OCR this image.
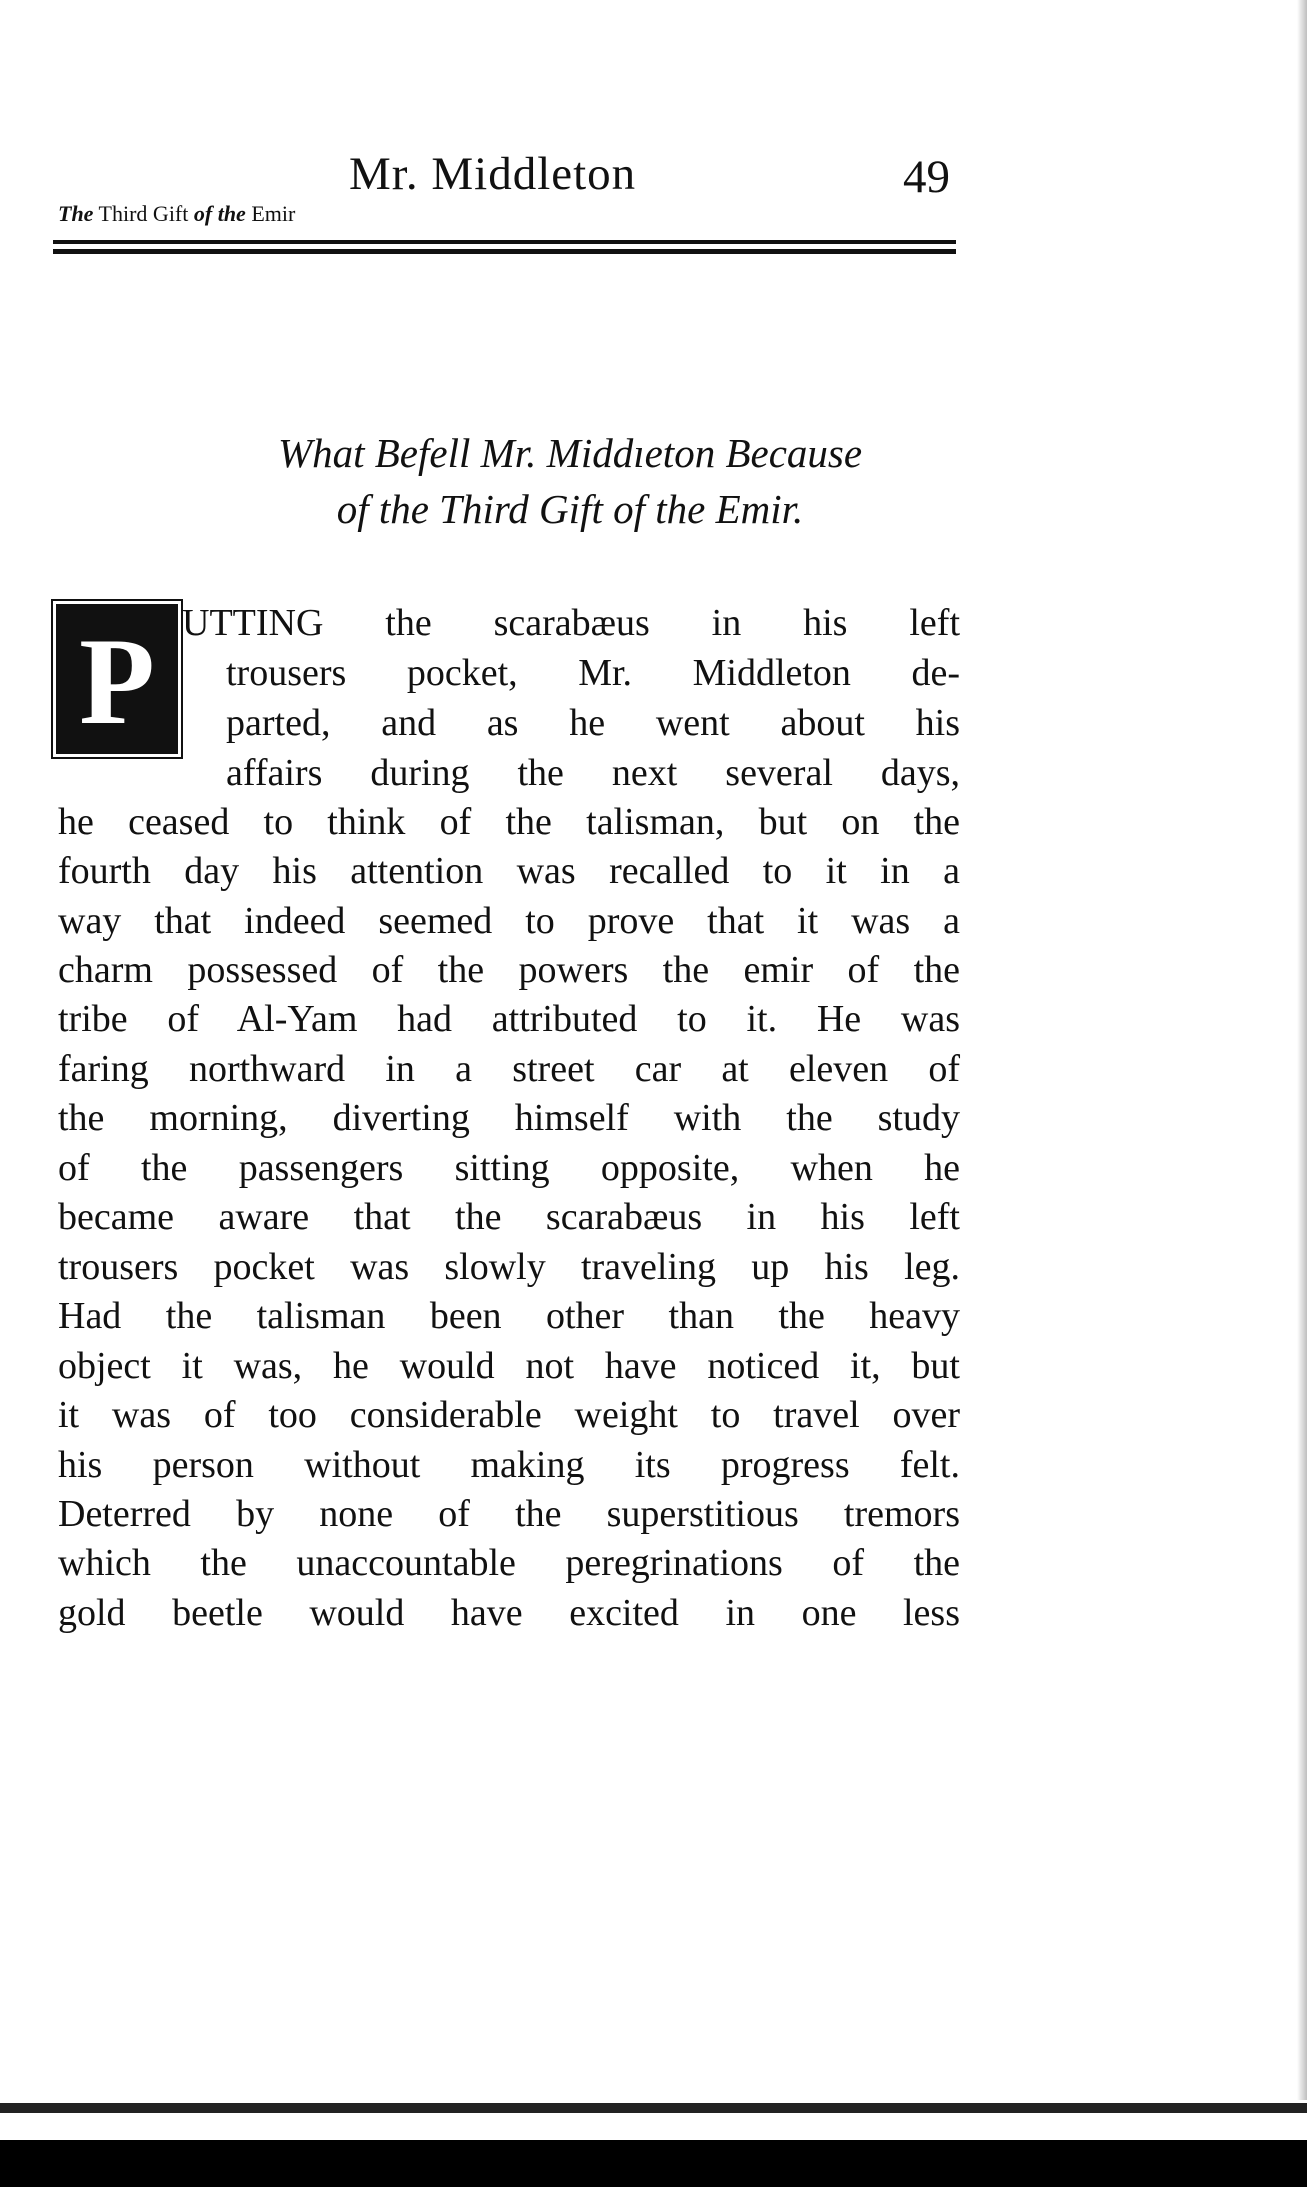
Mr. Middleton	49
The Third Gift of the Emir
What Befell Mr. Middıeton Because
of the Third Gift of the Emir.
P UTTING the scarabæus in his left
trousers pocket, Mr. Middleton de-
parted, and as he went about his
affairs during the next several days,
he ceased to think of the talisman, but on the
fourth day his attention was recalled to it in a
way that indeed seemed to prove that it was a
charm possessed of the powers the emir of the
tribe of Al-Yam had attributed to it. He was
faring northward in a street car at eleven of
the morning, diverting himself with the study
of the passengers sitting opposite, when he
became aware that the scarabæus in his left
trousers pocket was slowly traveling up his leg.
Had the talisman been other than the heavy
object it was, he would not have noticed it, but
it was of too considerable weight to travel over
his person without making its progress felt.
Deterred by none of the superstitious tremors
which the unaccountable peregrinations of the
gold beetle would have excited in one less
